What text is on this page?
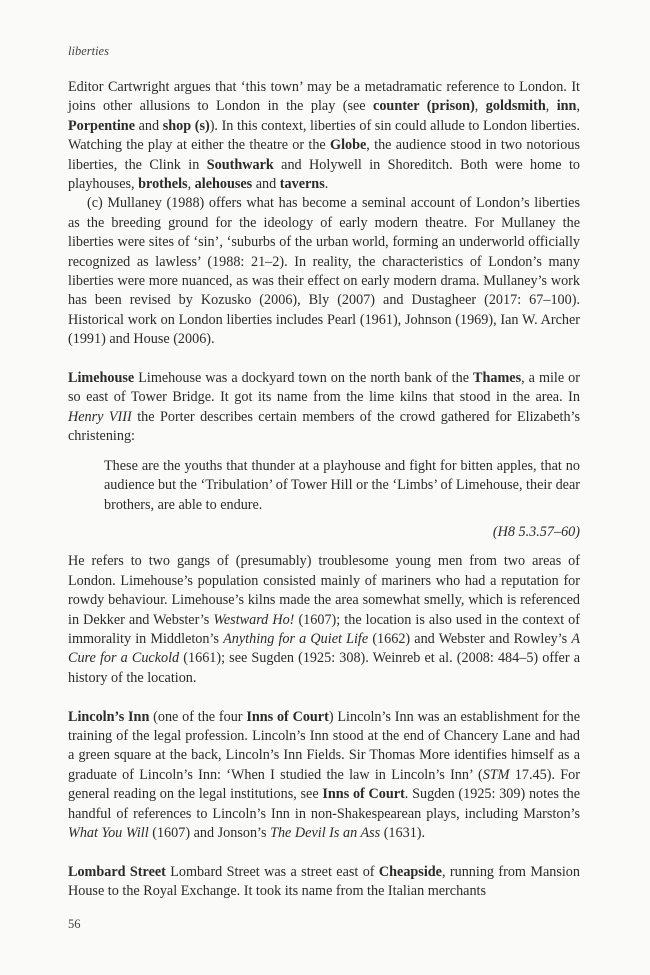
liberties

Editor Cartwright argues that ‘this town’ may be a metadramatic reference to London. It joins other allusions to London in the play (see counter (prison), goldsmith, inn, Porpentine and shop (s)). In this context, liberties of sin could allude to London liberties. Watching the play at either the theatre or the Globe, the audience stood in two notorious liberties, the Clink in Southwark and Holywell in Shoreditch. Both were home to playhouses, brothels, alehouses and taverns.

(c) Mullaney (1988) offers what has become a seminal account of London’s liberties as the breeding ground for the ideology of early modern theatre. For Mullaney the liberties were sites of ‘sin’, ‘suburbs of the urban world, forming an underworld officially recognized as lawless’ (1988: 21–2). In reality, the characteristics of London’s many liberties were more nuanced, as was their effect on early modern drama. Mullaney’s work has been revised by Kozusko (2006), Bly (2007) and Dustagheer (2017: 67–100). Historical work on London liberties includes Pearl (1961), Johnson (1969), Ian W. Archer (1991) and House (2006).

Limehouse Limehouse was a dockyard town on the north bank of the Thames, a mile or so east of Tower Bridge. It got its name from the lime kilns that stood in the area. In Henry VIII the Porter describes certain members of the crowd gathered for Elizabeth’s christening:

These are the youths that thunder at a playhouse and fight for bitten apples, that no audience but the ‘Tribulation’ of Tower Hill or the ‘Limbs’ of Limehouse, their dear brothers, are able to endure.

(H8 5.3.57–60)

He refers to two gangs of (presumably) troublesome young men from two areas of London. Limehouse’s population consisted mainly of mariners who had a reputation for rowdy behaviour. Limehouse’s kilns made the area somewhat smelly, which is referenced in Dekker and Webster’s Westward Ho! (1607); the location is also used in the context of immorality in Middleton’s Anything for a Quiet Life (1662) and Webster and Rowley’s A Cure for a Cuckold (1661); see Sugden (1925: 308). Weinreb et al. (2008: 484–5) offer a history of the location.

Lincoln’s Inn (one of the four Inns of Court) Lincoln’s Inn was an establishment for the training of the legal profession. Lincoln’s Inn stood at the end of Chancery Lane and had a green square at the back, Lincoln’s Inn Fields. Sir Thomas More identifies himself as a graduate of Lincoln’s Inn: ‘When I studied the law in Lincoln’s Inn’ (STM 17.45). For general reading on the legal institutions, see Inns of Court. Sugden (1925: 309) notes the handful of references to Lincoln’s Inn in non-Shakespearean plays, including Marston’s What You Will (1607) and Jonson’s The Devil Is an Ass (1631).

Lombard Street Lombard Street was a street east of Cheapside, running from Mansion House to the Royal Exchange. It took its name from the Italian merchants

56
